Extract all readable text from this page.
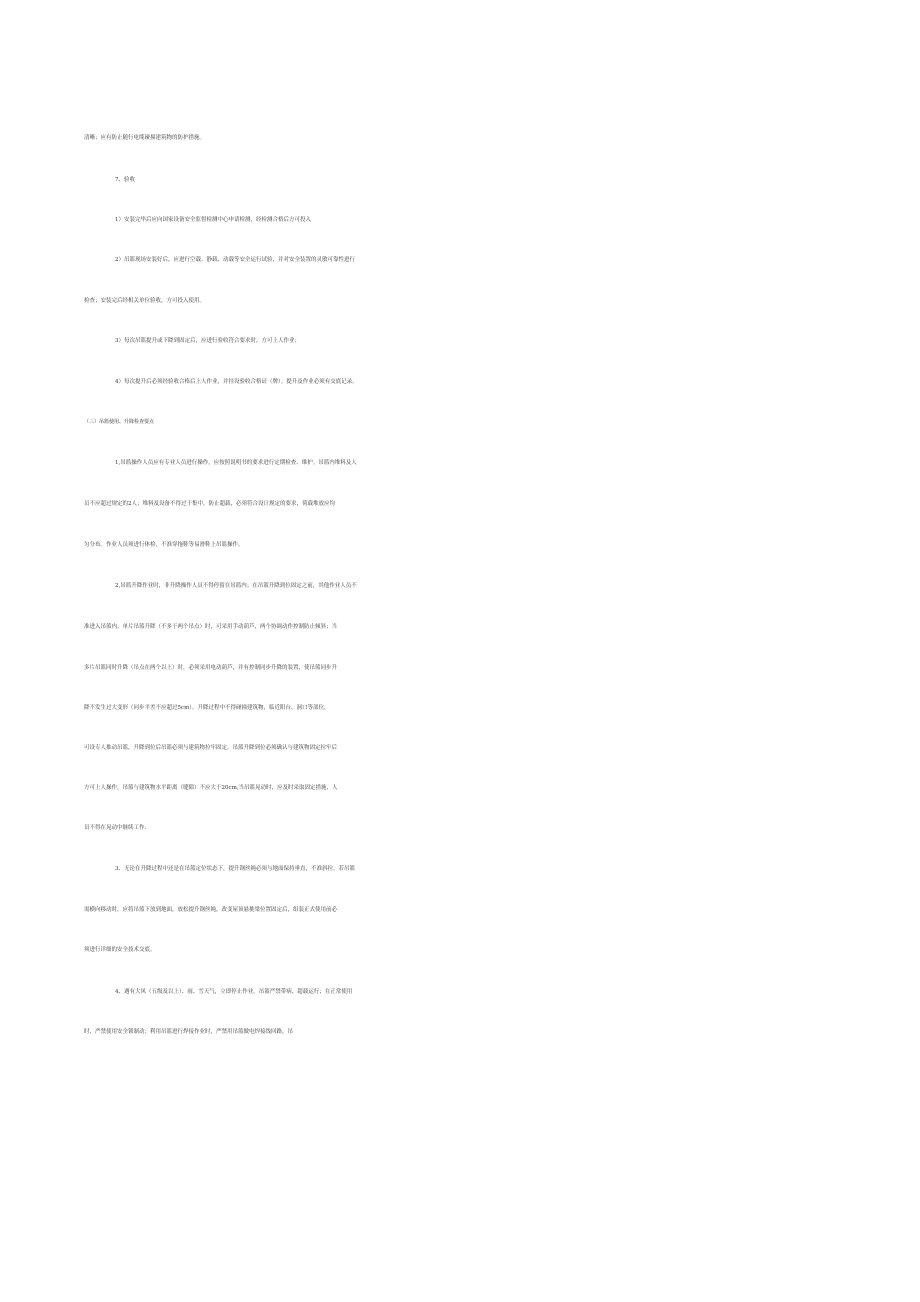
清晰；应有防止随行电缆碰撞建筑物的防护措施。
7、验收
1）安装完毕后应向国家设备安全监督检测中心申请检测，经检测合格后方可投入
2）吊篮现场安装好后，应进行空载、静载、动载等安全运行试验，并对安全装置的灵敏可靠性进行
检查；安装完后经相关单位验收，方可投入使用。
3）每次吊篮提升或下降到固定后，应进行验收符合要求时，方可上人作业；
4）每次提升后必须经验收合格后上人作业，并挂设验收合格证（牌）。提升及作业必须有交底记录。
（三）吊篮使用、升降检查要点
1,吊篮操作人员应有专业人员进行操作，应按照说明书的要求进行定期检查、维护。吊篮内堆料及人
员不应超过规定的2人；堆料及设备不得过于集中，防止超载，必须符合设计规定的要求，荷载堆放应均
匀分布。作业人员须进行体检，不准穿拖鞋等易滑鞋上吊篮操作。
2,吊篮升降作业时，非升降操作人员不得停留在吊篮内；在吊篮升降到位固定之前，其他作业人员不
准进入吊篮内。单片吊篮升降（不多于两个吊点）时，可采用手动葫芦，两个协调动作控制防止倾斜；当
多片吊篮同时升降（吊点在两个以上）时，必须采用电动葫芦，并有控制同步升降的装置，使吊篮同步升
降不发生过大变形（同步平差不应超过5cm）。升降过程中不得碰撞建筑物，临近阳台、洞口等部位，
可设专人推动吊篮，升降到位后吊篮必须与建筑物拉牢固定。吊篮升降到位必须确认与建筑物固定拉牢后
方可上人操作，吊篮与建筑物水平距离（缝隙）不应大于20cm,当吊篮晃动时，应及时采取固定措施，人
员不得在晃动中继续工作.
3、无论在升降过程中还是在吊篮定位状态下，提升钢丝绳必须与地面保持垂直，不准斜拉。若吊篮
需横向移动时，应将吊篮下放到地面，放松提升钢丝绳，改变屋顶悬挑梁位置固定后，组装正式使用前必
须进行详细的安全技术交底。
4、遇有大风（五级及以上）、雨、雪天气，立即停止作业。吊篮严禁带病、超载运行；在正常使用
时，严禁使用安全锁制动；利用吊篮进行焊接作业时，严禁用吊篮做电焊接线回路，吊
